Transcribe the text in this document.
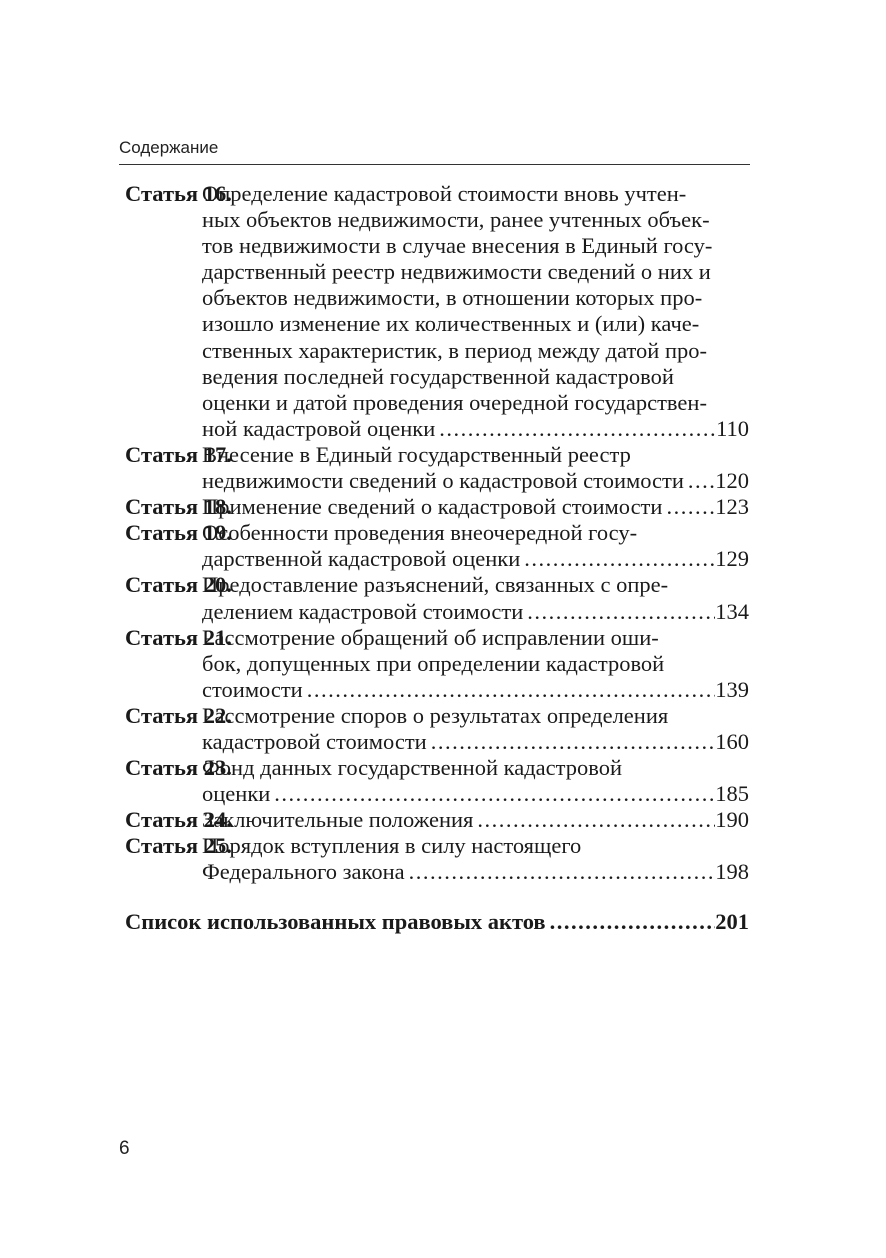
Содержание
Статья 16.
Определение кадастровой стоимости вновь учтен-
ных объектов недвижимости, ранее учтенных объек-
тов недвижимости в случае внесения в Единый госу-
дарственный реестр недвижимости сведений о них и
объектов недвижимости, в отношении которых про-
изошло изменение их количественных и (или) каче-
ственных характеристик, в период между датой про-
ведения последней государственной кадастровой
оценки и датой проведения очередной государствен-
ной кадастровой оценки .....	110
Статья 17.
Внесение в Единый государственный реестр
недвижимости сведений о кадастровой стоимости ..... 120
Статья 18.
Применение сведений о кадастровой стоимости ..... 123
Статья 19.
Особенности проведения внеочередной госу-
дарственной кадастровой оценки .....	129
Статья 20.
Предоставление разъяснений, связанных с опре-
делением кадастровой стоимости .....	134
Статья 21.
Рассмотрение обращений об исправлении оши-
бок, допущенных при определении кадастровой
стоимости .....	139
Статья 22.
Рассмотрение споров о результатах определения
кадастровой стоимости .....	160
Статья 23.
Фонд данных государственной кадастровой
оценки .....	185
Статья 24.
Заключительные положения .....	190
Статья 25.
Порядок вступления в силу настоящего
Федерального закона .....	198
Список использованных правовых актов .....	201
6
